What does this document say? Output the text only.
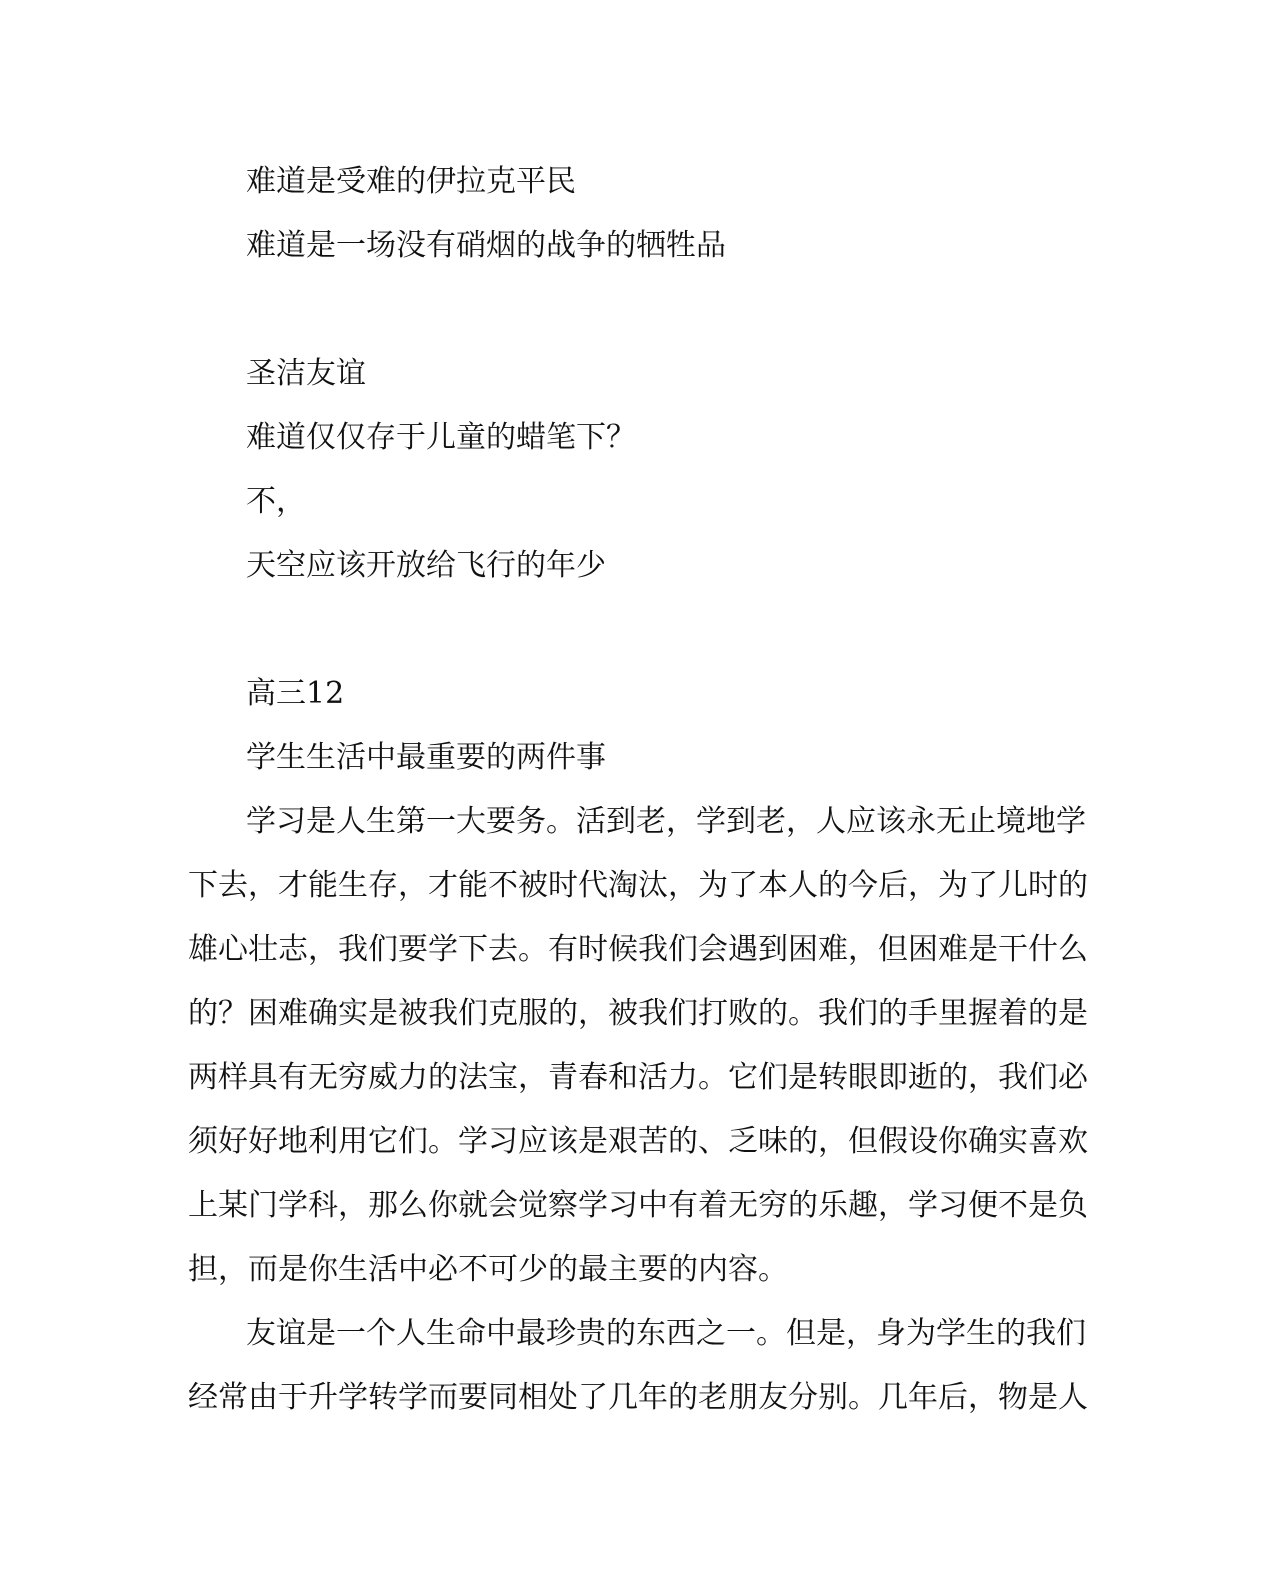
难道是受难的伊拉克平民

难道是一场没有硝烟的战争的牺牲品

圣洁友谊

难道仅仅存于儿童的蜡笔下？

不，

天空应该开放给飞行的年少

高三12

学生生活中最重要的两件事

学习是人生第一大要务。活到老，学到老，人应该永无止境地学

下去，才能生存，才能不被时代淘汰，为了本人的今后，为了儿时的

雄心壮志，我们要学下去。有时候我们会遇到困难，但困难是干什么

的？困难确实是被我们克服的，被我们打败的。我们的手里握着的是

两样具有无穷威力的法宝，青春和活力。它们是转眼即逝的，我们必

须好好地利用它们。学习应该是艰苦的、乏味的，但假设你确实喜欢

上某门学科，那么你就会觉察学习中有着无穷的乐趣，学习便不是负

担，而是你生活中必不可少的最主要的内容。

友谊是一个人生命中最珍贵的东西之一。但是，身为学生的我们

经常由于升学转学而要同相处了几年的老朋友分别。几年后，物是人
